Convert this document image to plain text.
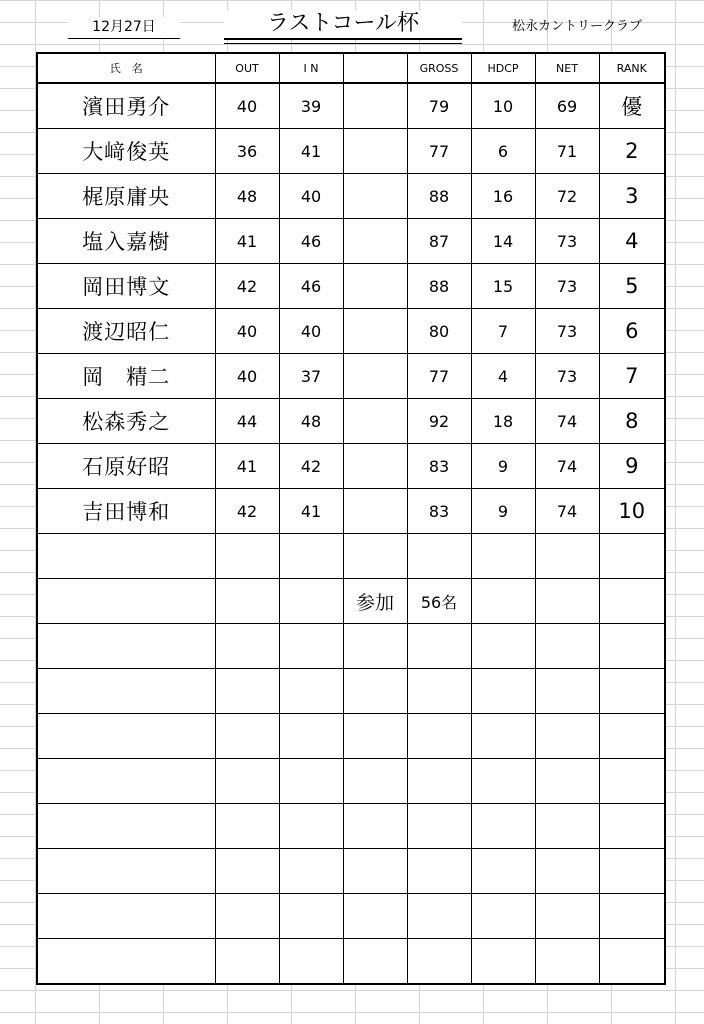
12月27日	ラストコール杯	松永カントリークラブ
氏　名	OUT	I N		GROSS	HDCP	NET	RANK
濱田勇介	40	39		79	10	69	優
大﨑俊英	36	41		77	6	71	2
梶原庸央	48	40		88	16	72	3
塩入嘉樹	41	46		87	14	73	4
岡田博文	42	46		88	15	73	5
渡辺昭仁	40	40		80	7	73	6
岡　精二	40	37		77	4	73	7
松森秀之	44	48		92	18	74	8
石原好昭	41	42		83	9	74	9
吉田博和	42	41		83	9	74	10

			参加	56名			
